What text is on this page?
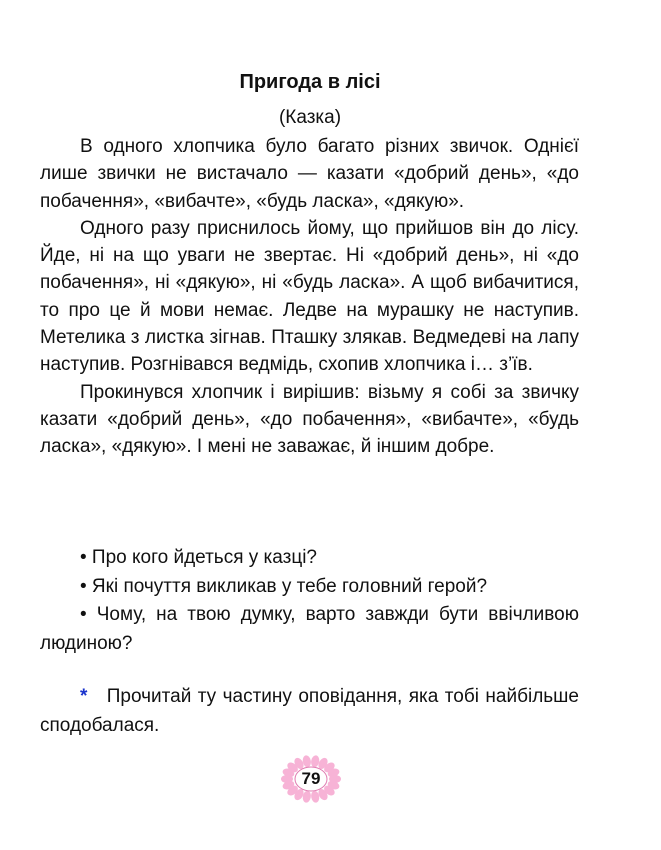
Пригода в лісі
(Казка)

В одного хлопчика було багато різних звичок. Однієї лише звички не вистачало — казати «добрий день», «до побачення», «вибачте», «будь ласка», «дякую».

Одного разу приснилось йому, що прийшов він до лісу. Йде, ні на що уваги не звертає. Ні «добрий день», ні «до побачення», ні «дякую», ні «будь ласка». А щоб вибачитися, то про це й мови немає. Ледве на мурашку не наступив. Метелика з листка зігнав. Пташку злякав. Ведмедеві на лапу наступив. Розгнівався ведмідь, схопив хлопчика і… з’їв.

Прокинувся хлопчик і вирішив: візьму я собі за звичку казати «добрий день», «до побачення», «вибачте», «будь ласка», «дякую». І мені не заважає, й іншим добре.

• Про кого йдеться у казці?

• Які почуття викликав у тебе головний герой?

• Чому, на твою думку, варто завжди бути ввічливою людиною?

* Прочитай ту частину оповідання, яка тобі найбільше сподобалася.

79
